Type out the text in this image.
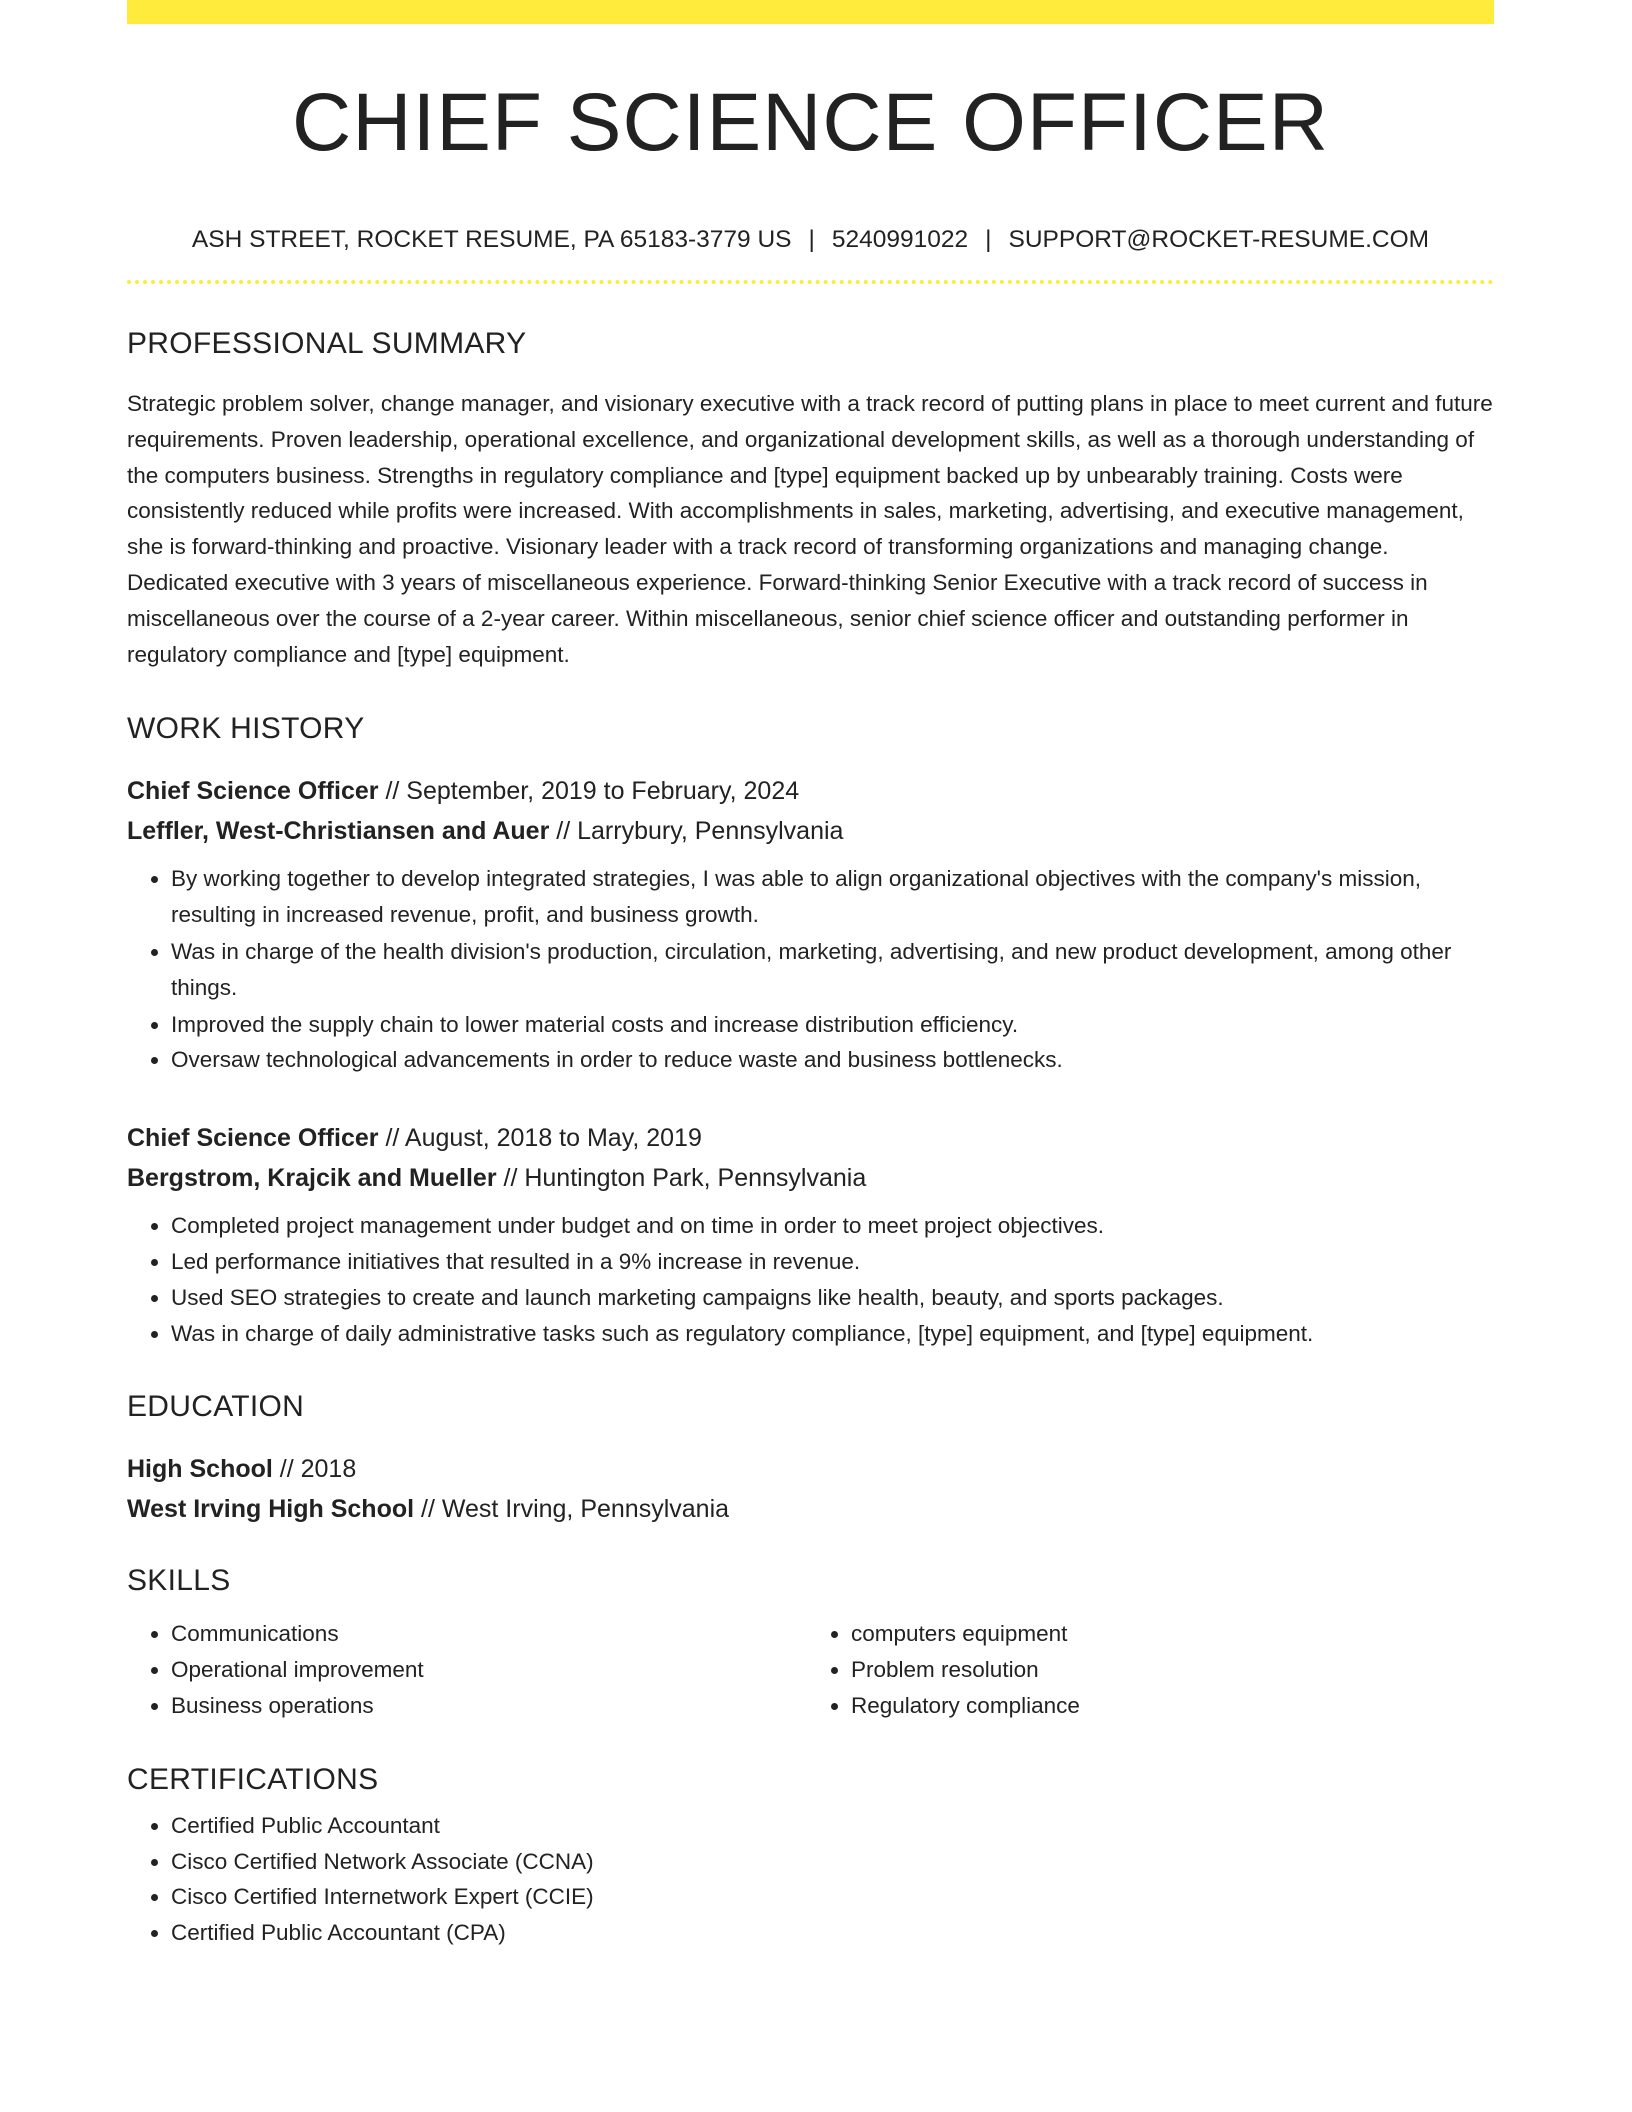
CHIEF SCIENCE OFFICER
ASH STREET, ROCKET RESUME, PA 65183-3779 US | 5240991022 | SUPPORT@ROCKET-RESUME.COM
PROFESSIONAL SUMMARY
Strategic problem solver, change manager, and visionary executive with a track record of putting plans in place to meet current and future requirements. Proven leadership, operational excellence, and organizational development skills, as well as a thorough understanding of the computers business. Strengths in regulatory compliance and [type] equipment backed up by unbearably training. Costs were consistently reduced while profits were increased. With accomplishments in sales, marketing, advertising, and executive management, she is forward-thinking and proactive. Visionary leader with a track record of transforming organizations and managing change. Dedicated executive with 3 years of miscellaneous experience. Forward-thinking Senior Executive with a track record of success in miscellaneous over the course of a 2-year career. Within miscellaneous, senior chief science officer and outstanding performer in regulatory compliance and [type] equipment.
WORK HISTORY
Chief Science Officer // September, 2019 to February, 2024
Leffler, West-Christiansen and Auer // Larrybury, Pennsylvania
• By working together to develop integrated strategies, I was able to align organizational objectives with the company's mission, resulting in increased revenue, profit, and business growth.
• Was in charge of the health division's production, circulation, marketing, advertising, and new product development, among other things.
• Improved the supply chain to lower material costs and increase distribution efficiency.
• Oversaw technological advancements in order to reduce waste and business bottlenecks.
Chief Science Officer // August, 2018 to May, 2019
Bergstrom, Krajcik and Mueller // Huntington Park, Pennsylvania
• Completed project management under budget and on time in order to meet project objectives.
• Led performance initiatives that resulted in a 9% increase in revenue.
• Used SEO strategies to create and launch marketing campaigns like health, beauty, and sports packages.
• Was in charge of daily administrative tasks such as regulatory compliance, [type] equipment, and [type] equipment.
EDUCATION
High School // 2018
West Irving High School // West Irving, Pennsylvania
SKILLS
• Communications
• Operational improvement
• Business operations
• computers equipment
• Problem resolution
• Regulatory compliance
CERTIFICATIONS
• Certified Public Accountant
• Cisco Certified Network Associate (CCNA)
• Cisco Certified Internetwork Expert (CCIE)
• Certified Public Accountant (CPA)
